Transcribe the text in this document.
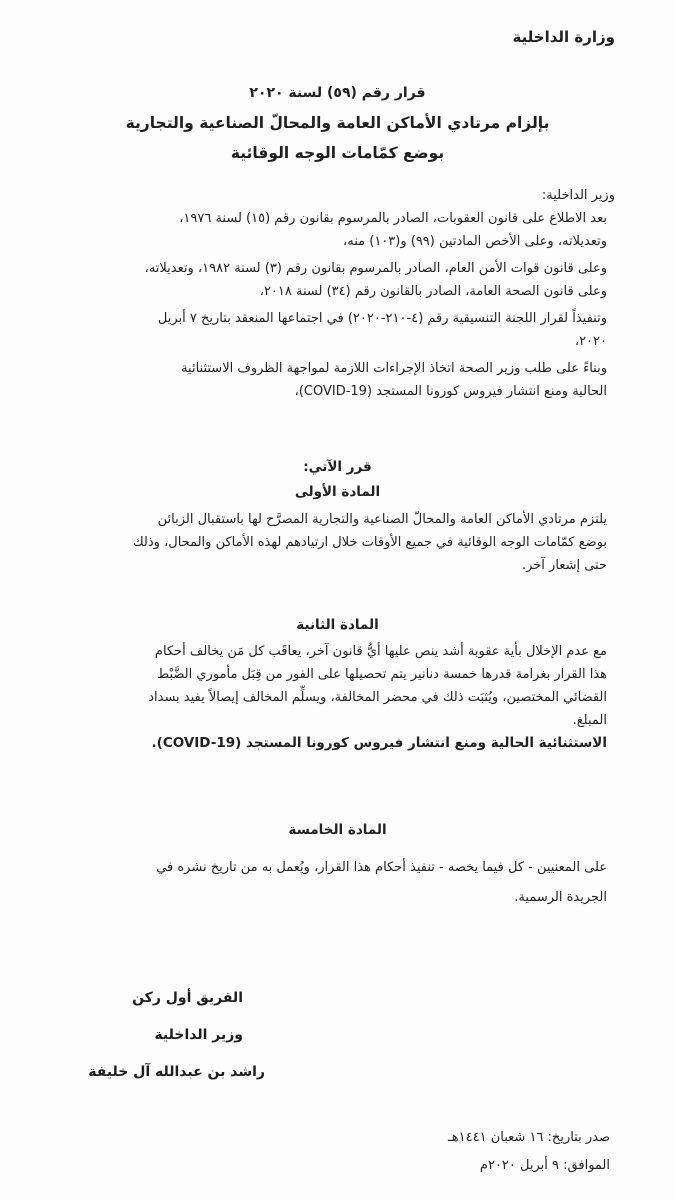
وزارة الداخلية
قرار رقم (٥٩) لسنة ٢٠٢٠
بإلزام مرتادي الأماكن العامة والمحالّ الصناعية والتجارية
بوضع كمّامات الوجه الوقائية

وزير الداخلية:

بعد الاطلاع على قانون العقوبات، الصادر بالمرسوم بقانون رقم (١٥) لسنة ١٩٧٦،

وتعديلاته، وعلى الأخص المادتين (٩٩) و(١٠٣) منه،

وعلى قانون قوات الأمن العام، الصادر بالمرسوم بقانون رقم (٣) لسنة ١٩٨٢، وتعديلاته،

وعلى قانون الصحة العامة، الصادر بالقانون رقم (٣٤) لسنة ٢٠١٨،

وتنفيذاً لقرار اللجنة التنسيقية رقم (٤-٢١٠-٢٠٢٠) في اجتماعها المنعقد بتاريخ ٧ أبريل

٢٠٢٠،

وبناءً على طلب وزير الصحة اتخاذ الإجراءات اللازمة لمواجهة الظروف الاستثنائية

الحالية ومنع انتشار فيروس كورونا المستجد (COVID-19)،

قرر الآتي:
المادة الأولى

يلتزم مرتادي الأماكن العامة والمحالّ الصناعية والتجارية المصرَّح لها باستقبال الزبائن

بوضع كمّامات الوجه الوقائية في جميع الأوقات خلال ارتيادهم لهذه الأماكن والمحال، وذلك

حتى إشعار آخر.

المادة الثانية

مع عدم الإخلال بأية عقوبة أشد ينص عليها أيُّ قانون آخر، يعاقَب كل مَن يخالف أحكام

هذا القرار بغرامة قدرها خمسة دنانير يتم تحصيلها على الفور من قِبَل مأموري الضَّبْط

القضائي المختصين، ويُثبَت ذلك في محضر المخالفة، ويسلِّم المخالف إيصالاً يفيد بسداد

المبلغ.

الاستثنائية الحالية ومنع انتشار فيروس كورونا المستجد (COVID-19).

المادة الخامسة

على المعنيين - كل فيما يخصه - تنفيذ أحكام هذا القرار، ويُعمل به من تاريخ نشره في

الجريدة الرسمية.

الفريق أول ركن
وزير الداخلية
راشد بن عبدالله آل خليفة
صدر بتاريخ: ١٦ شعبان ١٤٤١هـ
الموافق: ٩ أبريل ٢٠٢٠م
